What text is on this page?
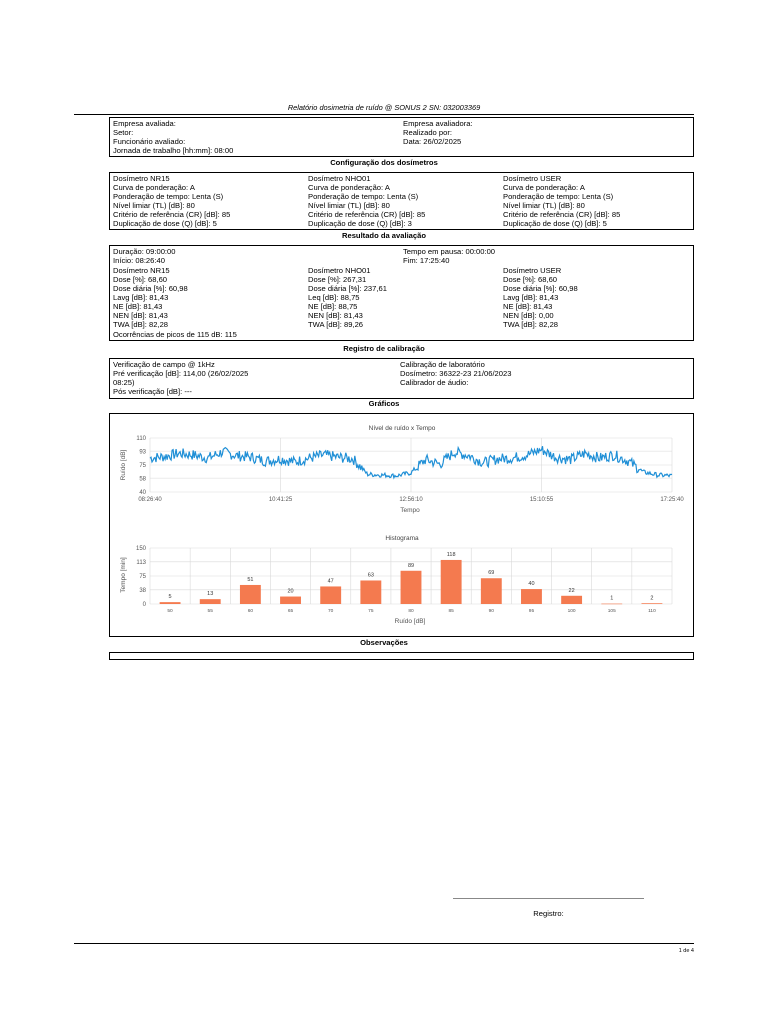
Relatório dosimetria de ruído @ SONUS 2 SN: 032003369
Empresa avaliada:
Setor:
Funcionário avaliado:
Jornada de trabalho [hh:mm]: 08:00
Empresa avaliadora:
Realizado por:
Data: 26/02/2025
Configuração dos dosímetros
Dosímetro NR15
Curva de ponderação: A
Ponderação de tempo: Lenta (S)
Nível limiar (TL) [dB]: 80
Critério de referência (CR) [dB]: 85
Duplicação de dose (Q) [dB]: 5
Dosímetro NHO01
Curva de ponderação: A
Ponderação de tempo: Lenta (S)
Nível limiar (TL) [dB]: 80
Critério de referência (CR) [dB]: 85
Duplicação de dose (Q) [dB]: 3
Dosímetro USER
Curva de ponderação: A
Ponderação de tempo: Lenta (S)
Nível limiar (TL) [dB]: 80
Critério de referência (CR) [dB]: 85
Duplicação de dose (Q) [dB]: 5
Resultado da avaliação
Duração: 09:00:00
Início: 08:26:40
Tempo em pausa: 00:00:00
Fim: 17:25:40
Dosímetro NR15
Dose [%]: 68,60
Dose diária [%]: 60,98
Lavg [dB]: 81,43
NE [dB]: 81,43
NEN [dB]: 81,43
TWA [dB]: 82,28
Dosímetro NHO01
Dose [%]: 267,31
Dose diária [%]: 237,61
Leq [dB]: 88,75
NE [dB]: 88,75
NEN [dB]: 81,43
TWA [dB]: 89,26
Dosímetro USER
Dose [%]: 68,60
Dose diária [%]: 60,98
Lavg [dB]: 81,43
NE [dB]: 81,43
NEN [dB]: 0,00
TWA [dB]: 82,28
Ocorrências de picos de 115 dB: 115
Registro de calibração
Verificação de campo @ 1kHz
Pré verificação [dB]: 114,00 (26/02/2025
08:25)
Pós verificação [dB]: ---
Calibração de laboratório
Dosímetro: 36322-23 21/06/2023
Calibrador de áudio:
Gráficos
Nível de ruído x Tempo
40
58
75
93
110
08:26:40	10:41:25	12:56:10	15:10:55	17:25:40
Ruído [dB]
Tempo
Histograma
0
38
75
113
150
5
50
13
55
51
60
20
65
47
70
63
75
89
80
118
85
69
90
40
95
22
100
1
105
2
110
Tempo [min]
Ruído [dB]
Observações
Registro:
1 de 4
